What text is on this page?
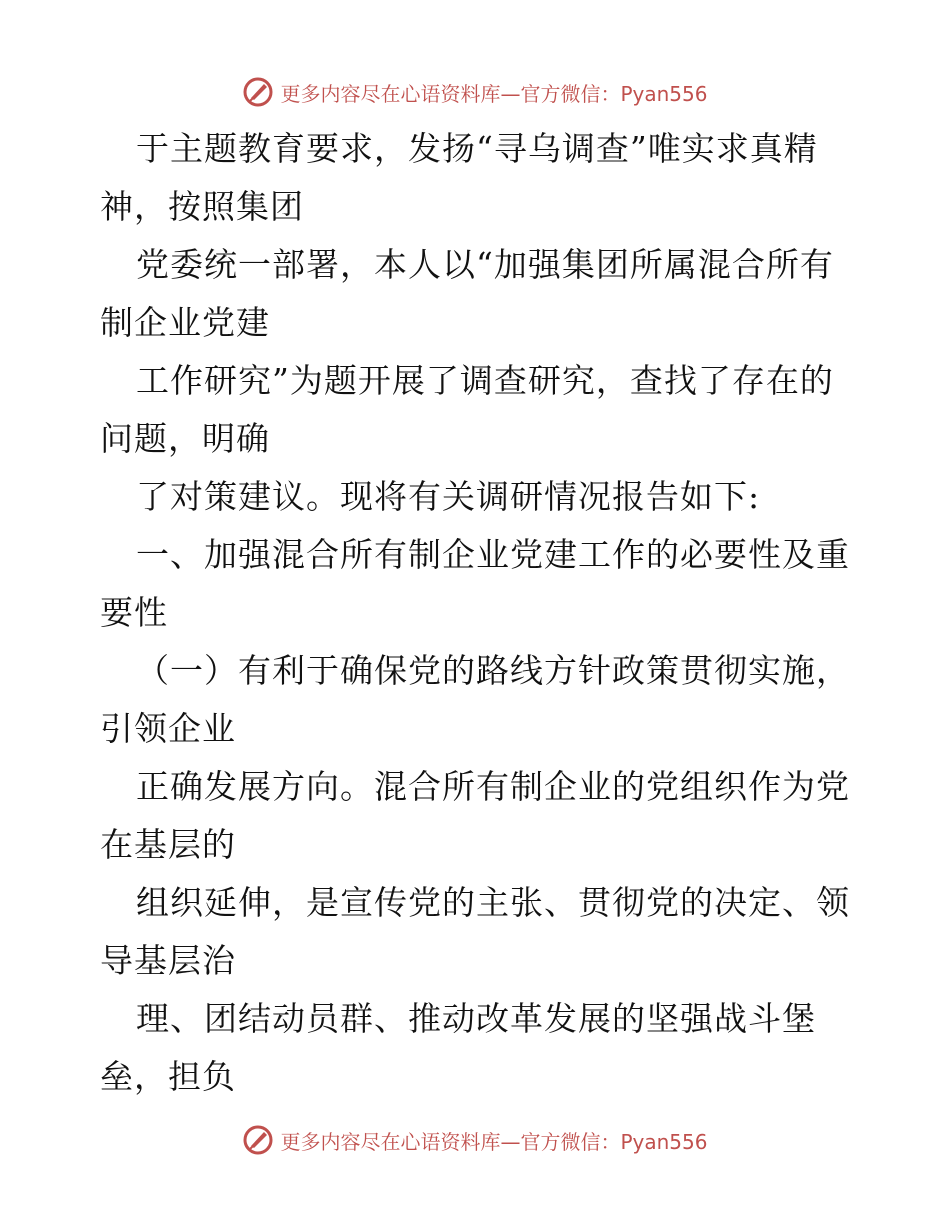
更多内容尽在心语资料库—官方微信：Pyan556
于主题教育要求，发扬“寻乌调查”唯实求真精
神，按照集团
党委统一部署，本人以“加强集团所属混合所有
制企业党建
工作研究”为题开展了调查研究，查找了存在的
问题，明确
了对策建议。现将有关调研情况报告如下:
一、加强混合所有制企业党建工作的必要性及重
要性
（一）有利于确保党的路线方针政策贯彻实施，
引领企业
正确发展方向。混合所有制企业的党组织作为党
在基层的
组织延伸，是宣传党的主张、贯彻党的决定、领
导基层治
理、团结动员群、推动改革发展的坚强战斗堡
垒，担负
更多内容尽在心语资料库—官方微信：Pyan556
